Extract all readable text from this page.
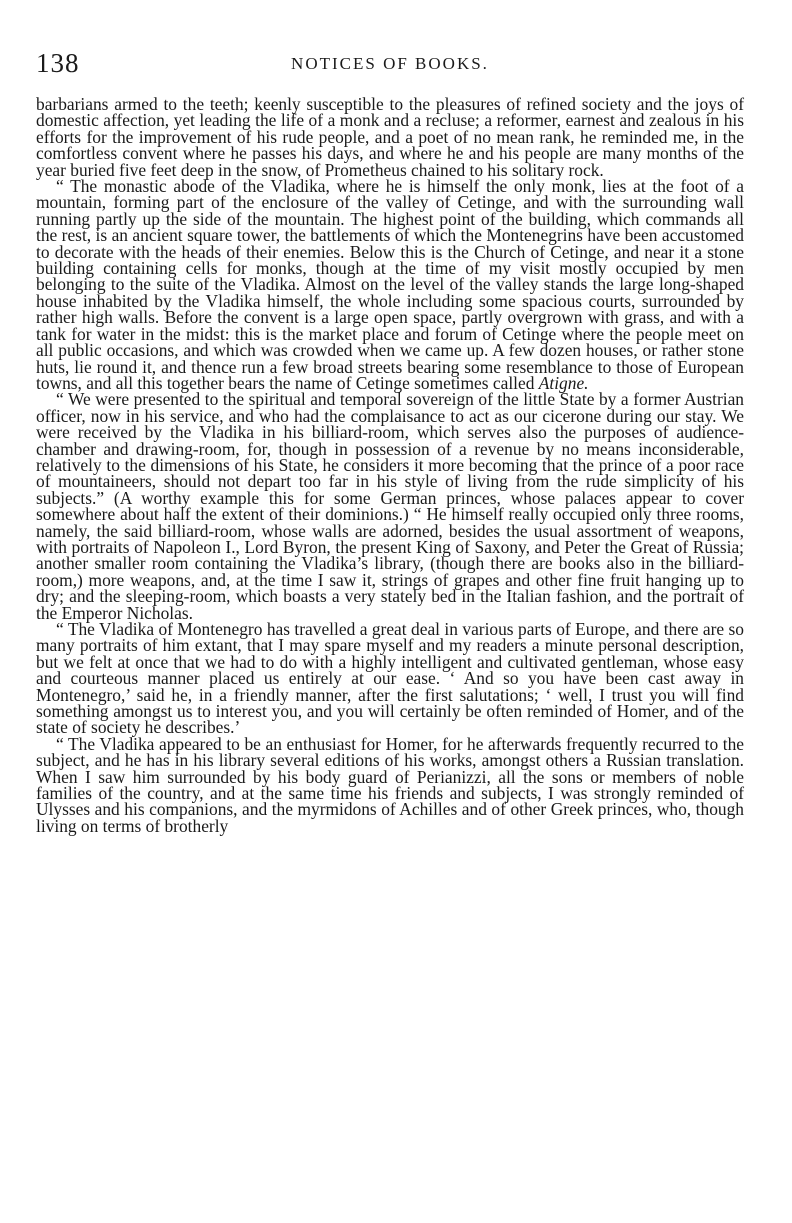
138	NOTICES OF BOOKS.

barbarians armed to the teeth; keenly susceptible to the pleasures of refined society and the joys of domestic affection, yet leading the life of a monk and a recluse; a reformer, earnest and zealous in his efforts for the improvement of his rude people, and a poet of no mean rank, he reminded me, in the comfortless convent where he passes his days, and where he and his people are many months of the year buried five feet deep in the snow, of Prometheus chained to his solitary rock.

“ The monastic abode of the Vladika, where he is himself the only monk, lies at the foot of a mountain, forming part of the enclosure of the valley of Cetinge, and with the surrounding wall running partly up the side of the mountain. The highest point of the building, which commands all the rest, is an ancient square tower, the battlements of which the Montenegrins have been accustomed to decorate with the heads of their enemies. Below this is the Church of Cetinge, and near it a stone building containing cells for monks, though at the time of my visit mostly occupied by men belonging to the suite of the Vladika. Almost on the level of the valley stands the large long-shaped house inhabited by the Vladika himself, the whole including some spacious courts, surrounded by rather high walls. Before the convent is a large open space, partly overgrown with grass, and with a tank for water in the midst: this is the market place and forum of Cetinge where the people meet on all public occasions, and which was crowded when we came up. A few dozen houses, or rather stone huts, lie round it, and thence run a few broad streets bearing some resemblance to those of European towns, and all this together bears the name of Cetinge sometimes called Atigne.

“ We were presented to the spiritual and temporal sovereign of the little State by a former Austrian officer, now in his service, and who had the complaisance to act as our cicerone during our stay. We were received by the Vladika in his billiard-room, which serves also the purposes of audience-chamber and drawing-room, for, though in possession of a revenue by no means inconsiderable, relatively to the dimensions of his State, he considers it more becoming that the prince of a poor race of mountaineers, should not depart too far in his style of living from the rude simplicity of his subjects.” (A worthy example this for some German princes, whose palaces appear to cover somewhere about half the extent of their dominions.) “ He himself really occupied only three rooms, namely, the said billiard-room, whose walls are adorned, besides the usual assortment of weapons, with portraits of Napoleon I., Lord Byron, the present King of Saxony, and Peter the Great of Russia; another smaller room containing the Vladika’s library, (though there are books also in the billiard-room,) more weapons, and, at the time I saw it, strings of grapes and other fine fruit hanging up to dry; and the sleeping-room, which boasts a very stately bed in the Italian fashion, and the portrait of the Emperor Nicholas.

“ The Vladika of Montenegro has travelled a great deal in various parts of Europe, and there are so many portraits of him extant, that I may spare myself and my readers a minute personal description, but we felt at once that we had to do with a highly intelligent and cultivated gentleman, whose easy and courteous manner placed us entirely at our ease. ‘ And so you have been cast away in Montenegro,’ said he, in a friendly manner, after the first salutations; ‘ well, I trust you will find something amongst us to interest you, and you will certainly be often reminded of Homer, and of the state of society he describes.’

“ The Vladika appeared to be an enthusiast for Homer, for he afterwards frequently recurred to the subject, and he has in his library several editions of his works, amongst others a Russian translation. When I saw him surrounded by his body guard of Perianizzi, all the sons or members of noble families of the country, and at the same time his friends and subjects, I was strongly reminded of Ulysses and his companions, and the myrmidons of Achilles and of other Greek princes, who, though living on terms of brotherly
